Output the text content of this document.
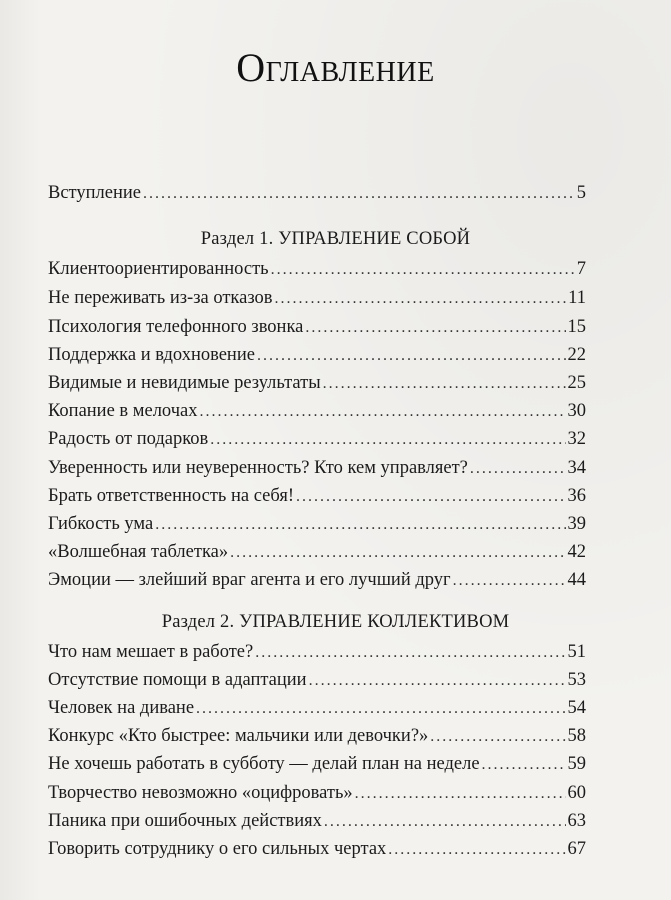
Оглавление
Вступление . . .	5
Раздел 1. УПРАВЛЕНИЕ СОБОЙ
Клиентоориентированность . . .	7
Не переживать из-за отказов . . .	11
Психология телефонного звонка . . .	15
Поддержка и вдохновение . . .	22
Видимые и невидимые результаты . . .	25
Копание в мелочах . . .	30
Радость от подарков . . .	32
Уверенность или неуверенность? Кто кем управляет? . . .	34
Брать ответственность на себя! . . .	36
Гибкость ума . . .	39
«Волшебная таблетка» . . .	42
Эмоции — злейший враг агента и его лучший друг . . .	44
Раздел 2. УПРАВЛЕНИЕ КОЛЛЕКТИВОМ
Что нам мешает в работе? . . .	51
Отсутствие помощи в адаптации . . .	53
Человек на диване . . .	54
Конкурс «Кто быстрее: мальчики или девочки?» . . .	58
Не хочешь работать в субботу — делай план на неделе . . .	59
Творчество невозможно «оцифровать» . . .	60
Паника при ошибочных действиях . . .	63
Говорить сотруднику о его сильных чертах . . .	67
